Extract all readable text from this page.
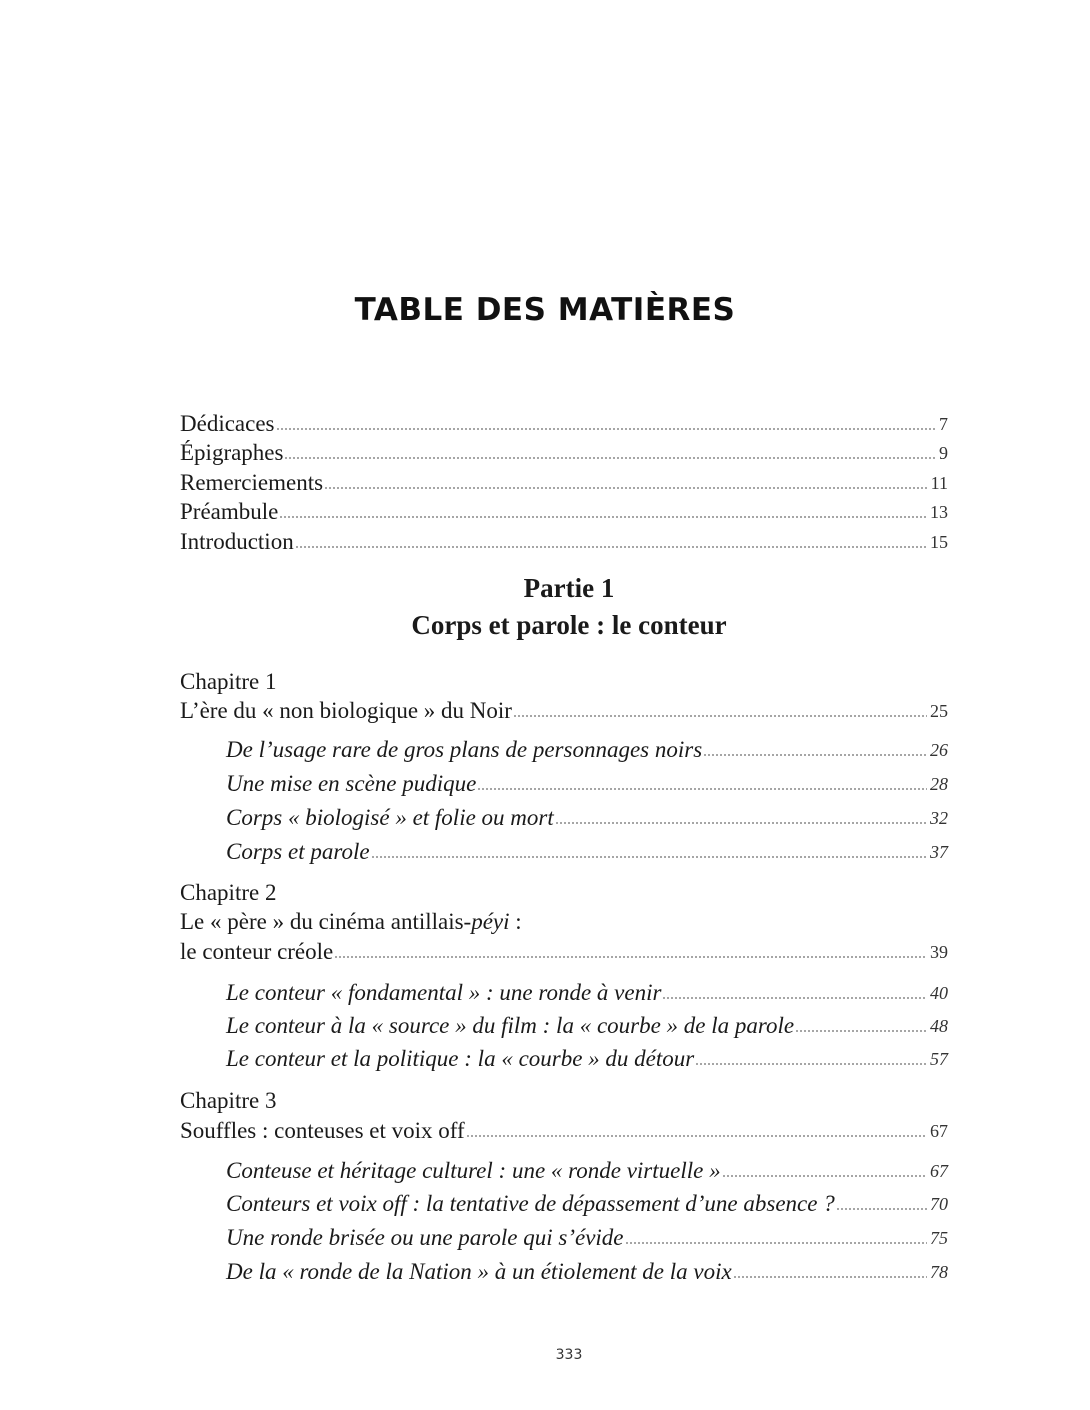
TABLE DES MATIÈRES
Dédicaces	7
Épigraphes	9
Remerciements	11
Préambule	13
Introduction	15
Partie 1
Corps et parole : le conteur
Chapitre 1
L’ère du « non biologique » du Noir	25
De l’usage rare de gros plans de personnages noirs	26
Une mise en scène pudique	28
Corps « biologisé » et folie ou mort	32
Corps et parole	37
Chapitre 2
Le « père » du cinéma antillais-péyi :
le conteur créole	39
Le conteur « fondamental » : une ronde à venir	40
Le conteur à la « source » du film : la « courbe » de la parole	48
Le conteur et la politique : la « courbe » du détour	57
Chapitre 3
Souffles : conteuses et voix off	67
Conteuse et héritage culturel : une « ronde virtuelle »	67
Conteurs et voix off : la tentative de dépassement d’une absence ?	70
Une ronde brisée ou une parole qui s’évide	75
De la « ronde de la Nation » à un étiolement de la voix	78
333
